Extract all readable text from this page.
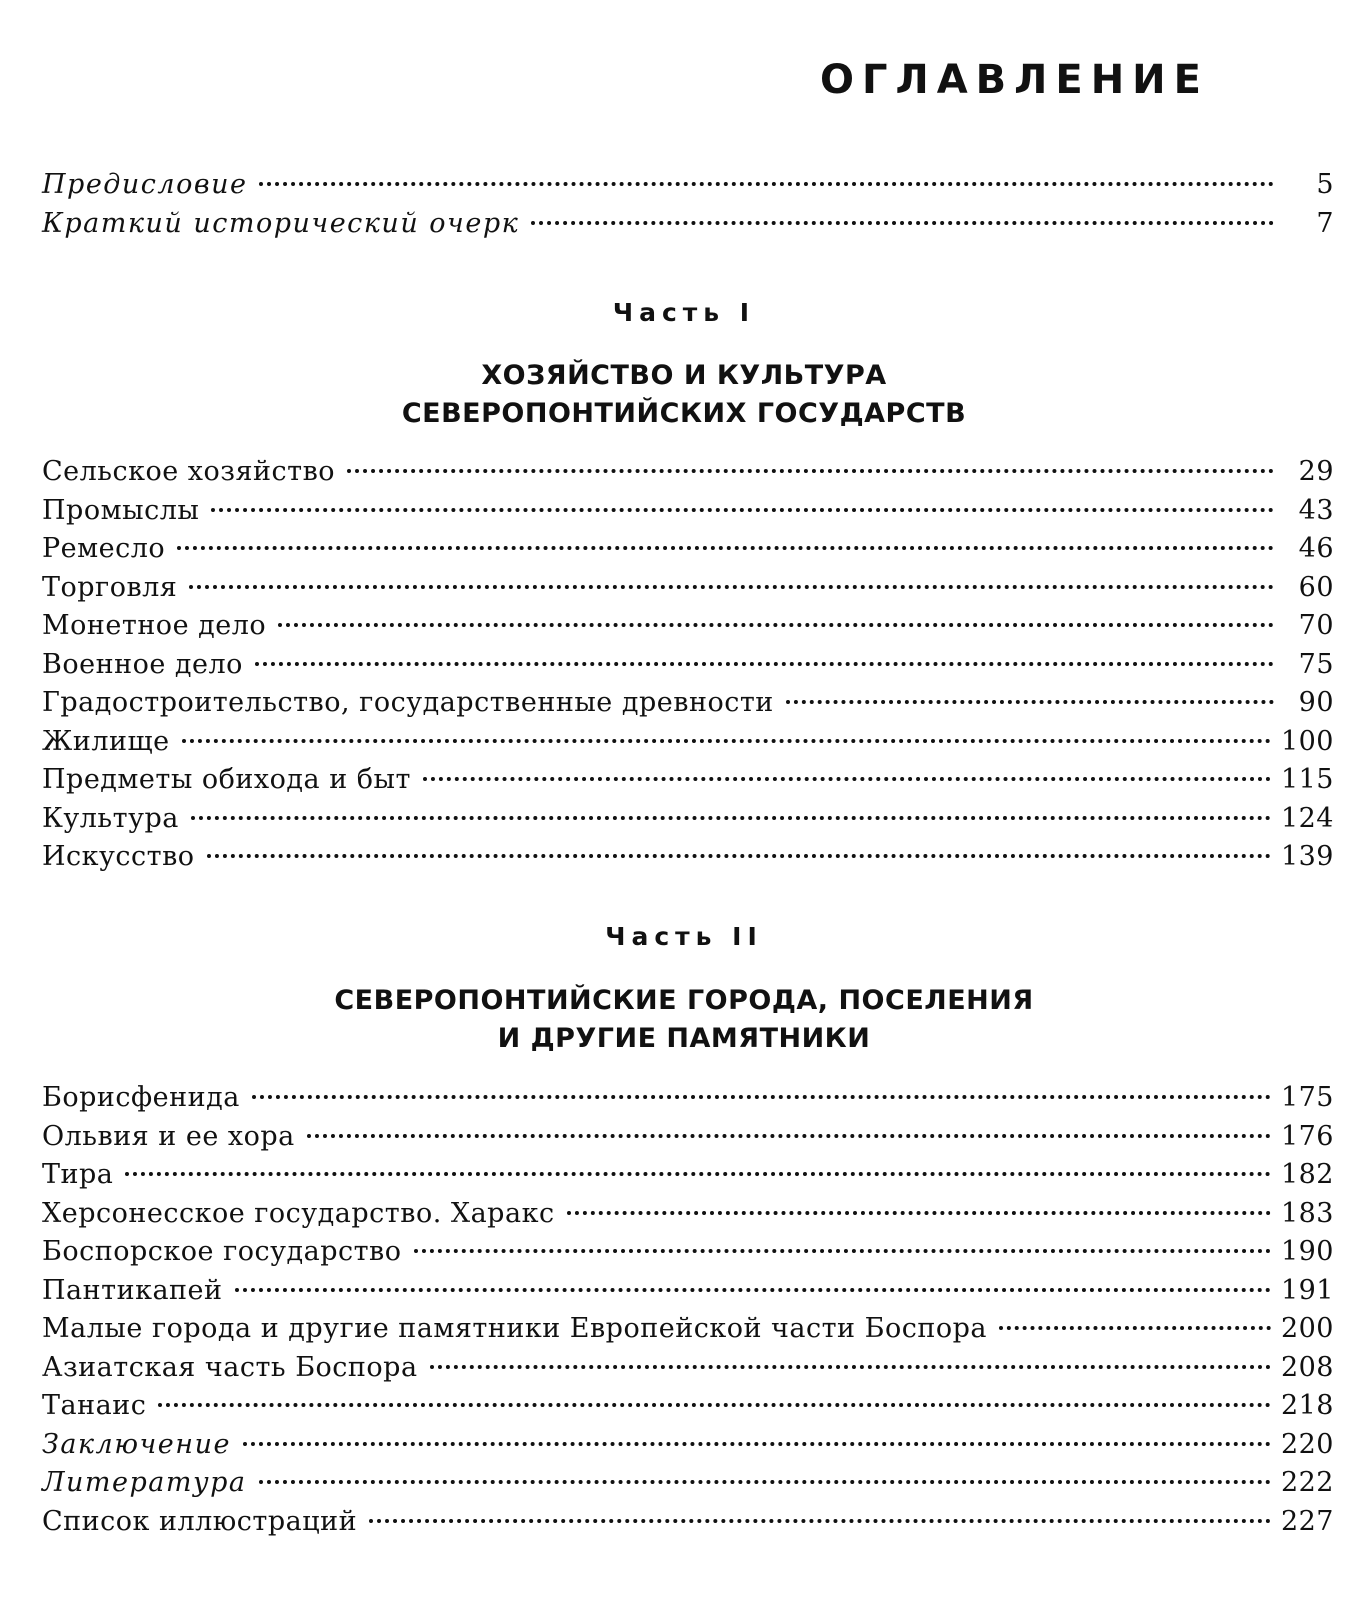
ОГЛАВЛЕНИЕ
Предисловие	5
Краткий исторический очерк	7
Часть I
ХОЗЯЙСТВО И КУЛЬТУРА
СЕВЕРОПОНТИЙСКИХ ГОСУДАРСТВ
Сельское хозяйство	29
Промыслы	43
Ремесло	46
Торговля	60
Монетное дело	70
Военное дело	75
Градостроительство, государственные древности	90
Жилище	100
Предметы обихода и быт	115
Культура	124
Искусство	139
Часть II
СЕВЕРОПОНТИЙСКИЕ ГОРОДА, ПОСЕЛЕНИЯ
И ДРУГИЕ ПАМЯТНИКИ
Борисфенида	175
Ольвия и ее хора	176
Тира	182
Херсонесское государство. Харакс	183
Боспорское государство	190
Пантикапей	191
Малые города и другие памятники Европейской части Боспора	200
Азиатская часть Боспора	208
Танаис	218
Заключение	220
Литература	222
Список иллюстраций	227
